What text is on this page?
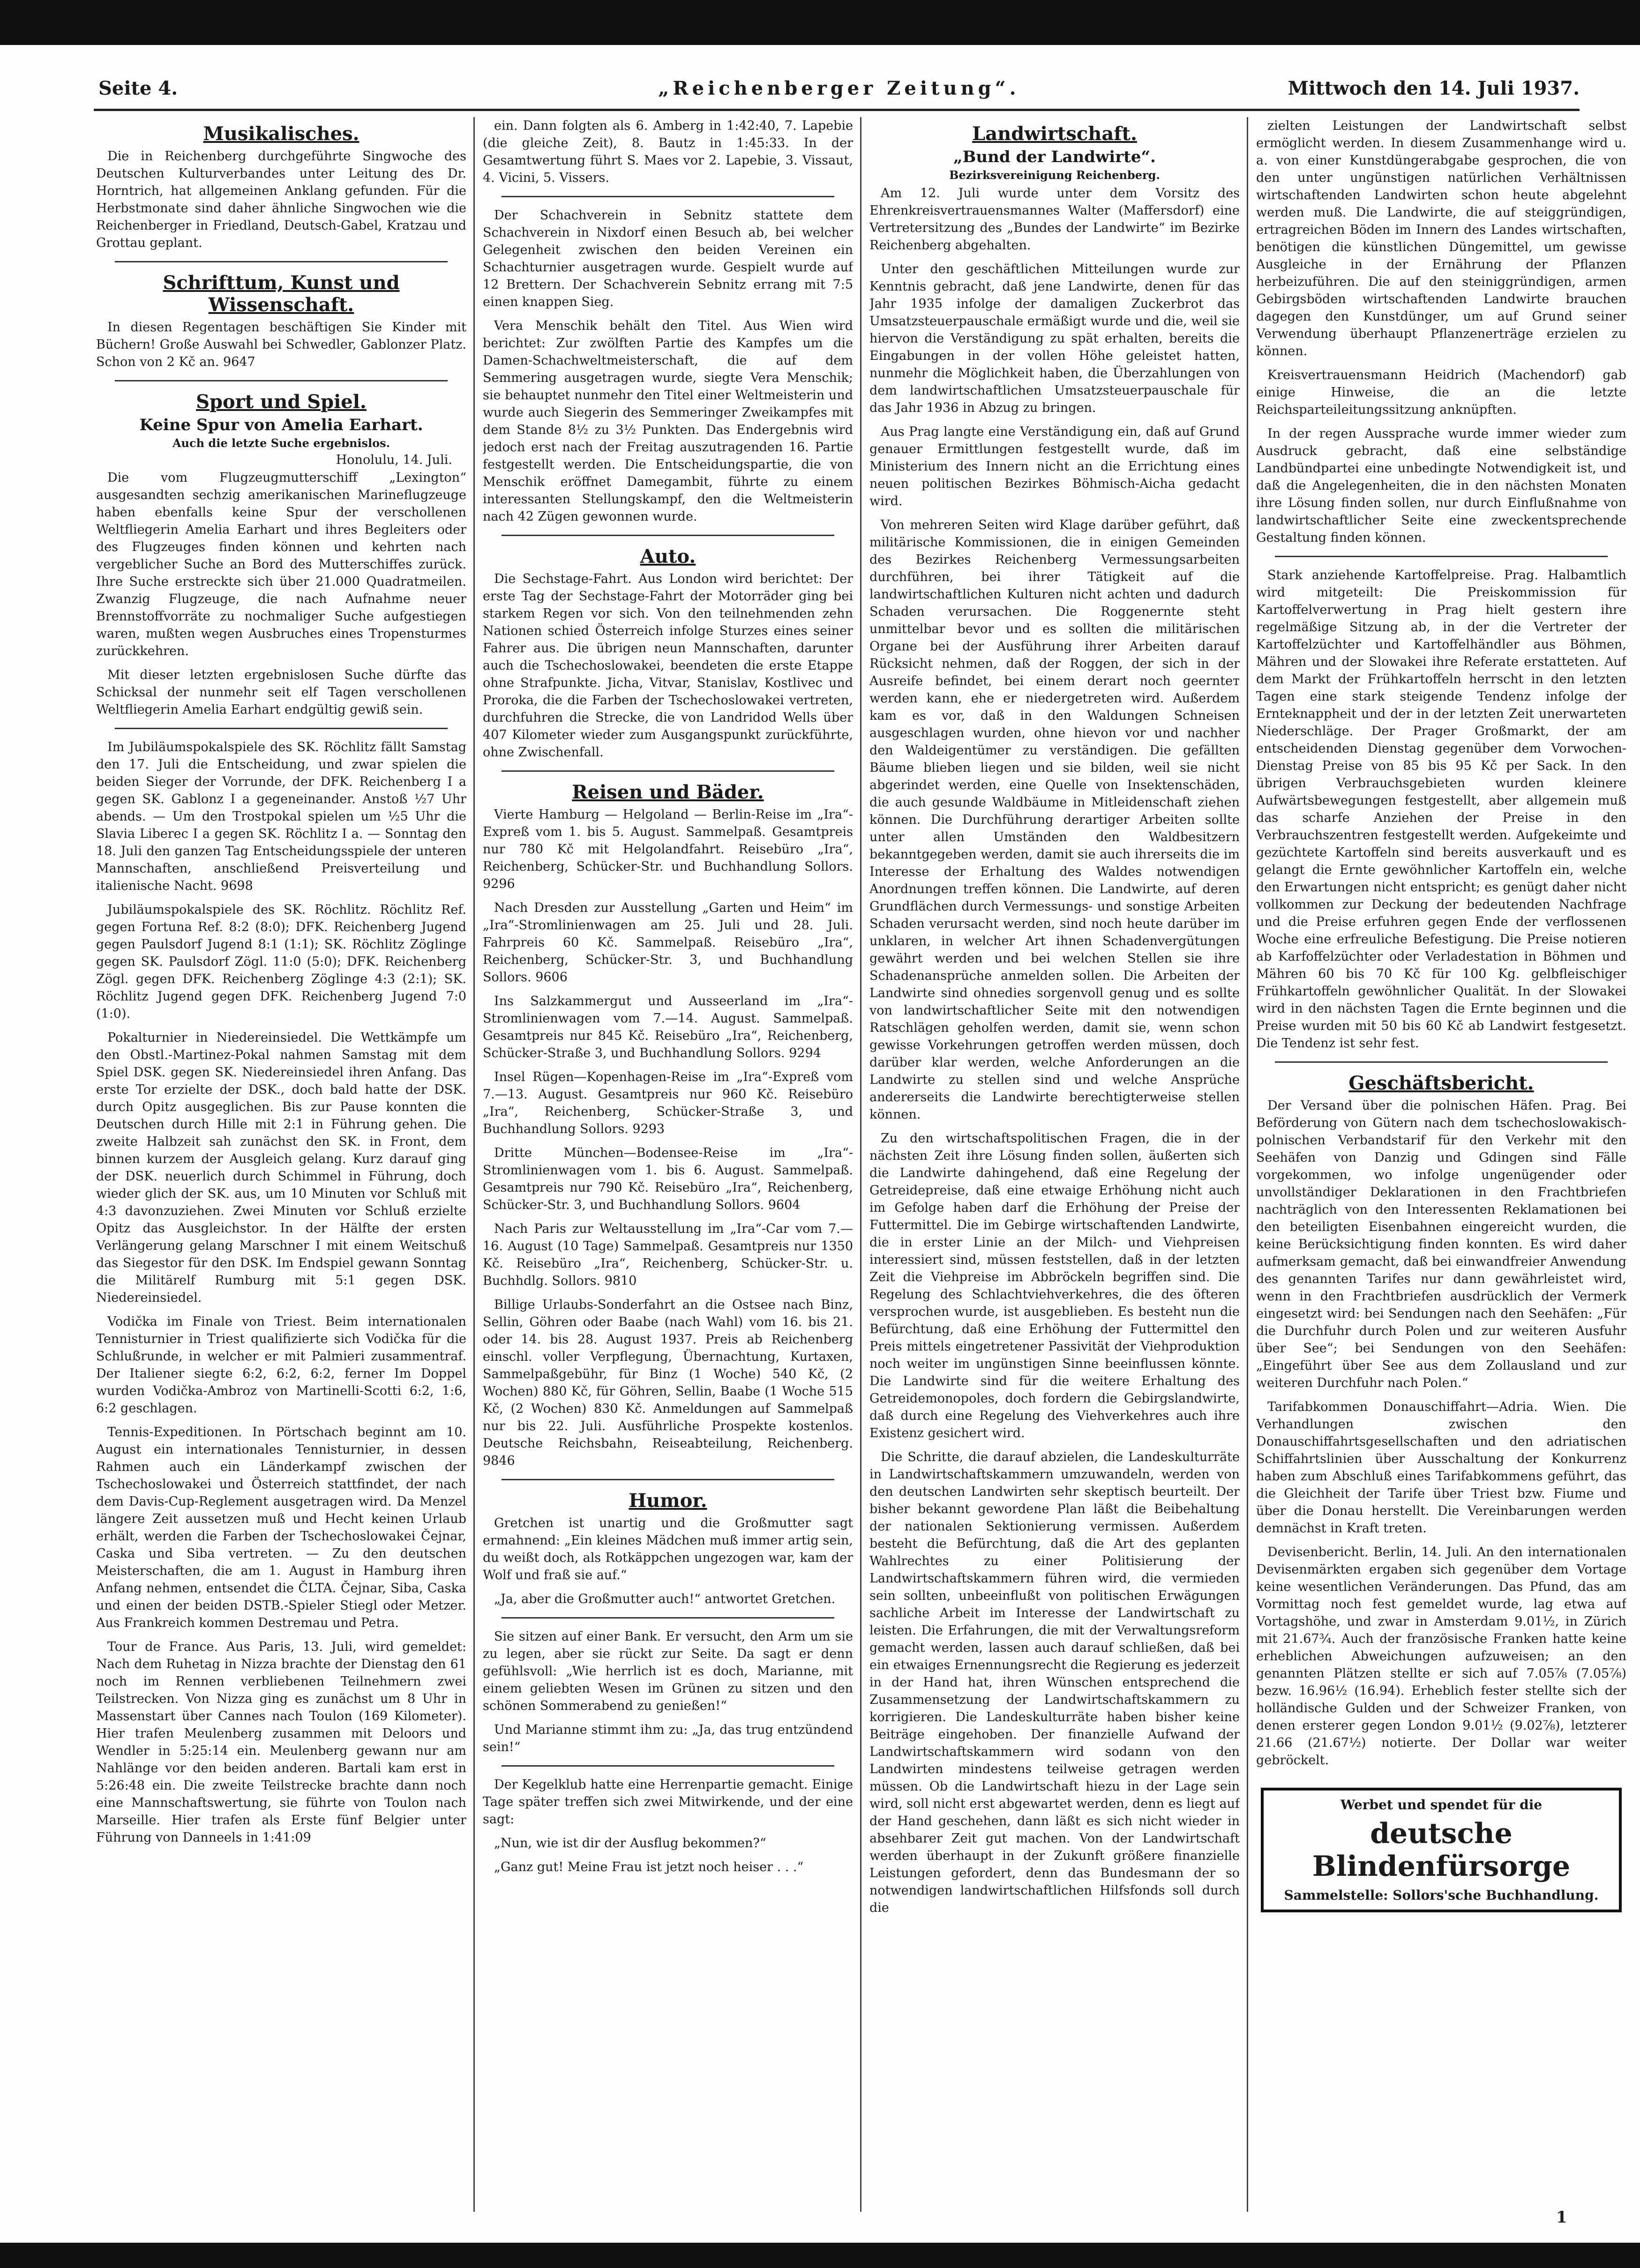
Seite 4.	„Reichenberger Zeitung“.	Mittwoch den 14. Juli 1937.
Musikalisches.

Die in Reichenberg durchgeführte Singwoche des Deutschen Kulturverbandes unter Leitung des Dr. Horntrich, hat allgemeinen Anklang gefunden. Für die Herbstmonate sind daher ähnliche Singwochen wie die Reichenberger in Friedland, Deutsch-Gabel, Kratzau und Grottau geplant.

Schrifttum, Kunst und Wissenschaft.

In diesen Regentagen beschäftigen Sie Kinder mit Büchern! Große Auswahl bei Schwedler, Gablonzer Platz. Schon von 2 Kč an. 9647

Sport und Spiel.
Keine Spur von Amelia Earhart.
Auch die letzte Suche ergebnislos.
Honolulu, 14. Juli.

Die vom Flugzeugmutterschiff „Lexington“ ausgesandten sechzig amerikanischen Marineflugzeuge haben ebenfalls keine Spur der verschollenen Weltfliegerin Amelia Earhart und ihres Begleiters oder des Flugzeuges finden können und kehrten nach vergeblicher Suche an Bord des Mutterschiffes zurück. Ihre Suche erstreckte sich über 21.000 Quadratmeilen. Zwanzig Flugzeuge, die nach Aufnahme neuer Brennstoffvorräte zu nochmaliger Suche aufgestiegen waren, mußten wegen Ausbruches eines Tropensturmes zurückkehren.

Mit dieser letzten ergebnislosen Suche dürfte das Schicksal der nunmehr seit elf Tagen verschollenen Weltfliegerin Amelia Earhart endgültig gewiß sein.

Im Jubiläumspokalspiele des SK. Röchlitz fällt Samstag den 17. Juli die Entscheidung, und zwar spielen die beiden Sieger der Vorrunde, der DFK. Reichenberg I a gegen SK. Gablonz I a gegeneinander. Anstoß ½7 Uhr abends. — Um den Trostpokal spielen um ½5 Uhr die Slavia Liberec I a gegen SK. Röchlitz I a. — Sonntag den 18. Juli den ganzen Tag Entscheidungsspiele der unteren Mannschaften, anschließend Preisverteilung und italienische Nacht. 9698

Jubiläumspokalspiele des SK. Röchlitz. Röchlitz Ref. gegen Fortuna Ref. 8:2 (8:0); DFK. Reichenberg Jugend gegen Paulsdorf Jugend 8:1 (1:1); SK. Röchlitz Zöglinge gegen SK. Paulsdorf Zögl. 11:0 (5:0); DFK. Reichenberg Zögl. gegen DFK. Reichenberg Zöglinge 4:3 (2:1); SK. Röchlitz Jugend gegen DFK. Reichenberg Jugend 7:0 (1:0).

Pokalturnier in Niedereinsiedel. Die Wettkämpfe um den Obstl.-Martinez-Pokal nahmen Samstag mit dem Spiel DSK. gegen SK. Niedereinsiedel ihren Anfang. Das erste Tor erzielte der DSK., doch bald hatte der DSK. durch Opitz ausgeglichen. Bis zur Pause konnten die Deutschen durch Hille mit 2:1 in Führung gehen. Die zweite Halbzeit sah zunächst den SK. in Front, dem binnen kurzem der Ausgleich gelang. Kurz darauf ging der DSK. neuerlich durch Schimmel in Führung, doch wieder glich der SK. aus, um 10 Minuten vor Schluß mit 4:3 davonzuziehen. Zwei Minuten vor Schluß erzielte Opitz das Ausgleichstor. In der Hälfte der ersten Verlängerung gelang Marschner I mit einem Weitschuß das Siegestor für den DSK. Im Endspiel gewann Sonntag die Militärelf Rumburg mit 5:1 gegen DSK. Niedereinsiedel.

Vodička im Finale von Triest. Beim internationalen Tennisturnier in Triest qualifizierte sich Vodička für die Schlußrunde, in welcher er mit Palmieri zusammentraf. Der Italiener siegte 6:2, 6:2, 6:2, ferner Im Doppel wurden Vodička-Ambroz von Martinelli-Scotti 6:2, 1:6, 6:2 geschlagen.

Tennis-Expeditionen. In Pörtschach beginnt am 10. August ein internationales Tennisturnier, in dessen Rahmen auch ein Länderkampf zwischen der Tschechoslowakei und Österreich stattfindet, der nach dem Davis-Cup-Reglement ausgetragen wird. Da Menzel längere Zeit aussetzen muß und Hecht keinen Urlaub erhält, werden die Farben der Tschechoslowakei Čejnar, Caska und Siba vertreten. — Zu den deutschen Meisterschaften, die am 1. August in Hamburg ihren Anfang nehmen, entsendet die ČLTA. Čejnar, Siba, Caska und einen der beiden DSTB.-Spieler Stiegl oder Metzer. Aus Frankreich kommen Destremau und Petra.

Tour de France. Aus Paris, 13. Juli, wird gemeldet: Nach dem Ruhetag in Nizza brachte der Dienstag den 61 noch im Rennen verbliebenen Teilnehmern zwei Teilstrecken. Von Nizza ging es zunächst um 8 Uhr in Massenstart über Cannes nach Toulon (169 Kilometer). Hier trafen Meulenberg zusammen mit Deloors und Wendler in 5:25:14 ein. Meulenberg gewann nur am Nahlänge vor den beiden anderen. Bartali kam erst in 5:26:48 ein. Die zweite Teilstrecke brachte dann noch eine Mannschaftswertung, sie führte von Toulon nach Marseille. Hier trafen als Erste fünf Belgier unter Führung von Danneels in 1:41:09

ein. Dann folgten als 6. Amberg in 1:42:40, 7. Lapebie (die gleiche Zeit), 8. Bautz in 1:45:33. In der Gesamtwertung führt S. Maes vor 2. Lapebie, 3. Vissaut, 4. Vicini, 5. Vissers.

Der Schachverein in Sebnitz stattete dem Schachverein in Nixdorf einen Besuch ab, bei welcher Gelegenheit zwischen den beiden Vereinen ein Schachturnier ausgetragen wurde. Gespielt wurde auf 12 Brettern. Der Schachverein Sebnitz errang mit 7:5 einen knappen Sieg.

Vera Menschik behält den Titel. Aus Wien wird berichtet: Zur zwölften Partie des Kampfes um die Damen-Schachweltmeisterschaft, die auf dem Semmering ausgetragen wurde, siegte Vera Menschik; sie behauptet nunmehr den Titel einer Weltmeisterin und wurde auch Siegerin des Semmeringer Zweikampfes mit dem Stande 8½ zu 3½ Punkten. Das Endergebnis wird jedoch erst nach der Freitag auszutragenden 16. Partie festgestellt werden. Die Entscheidungspartie, die von Menschik eröffnet Damegambit, führte zu einem interessanten Stellungskampf, den die Weltmeisterin nach 42 Zügen gewonnen wurde.

Auto.

Die Sechstage-Fahrt. Aus London wird berichtet: Der erste Tag der Sechstage-Fahrt der Motorräder ging bei starkem Regen vor sich. Von den teilnehmenden zehn Nationen schied Österreich infolge Sturzes eines seiner Fahrer aus. Die übrigen neun Mannschaften, darunter auch die Tschechoslowakei, beendeten die erste Etappe ohne Strafpunkte. Jicha, Vitvar, Stanislav, Kostlivec und Proroka, die die Farben der Tschechoslowakei vertreten, durchfuhren die Strecke, die von Landridod Wells über 407 Kilometer wieder zum Ausgangspunkt zurückführte, ohne Zwischenfall.

Reisen und Bäder.

Vierte Hamburg — Helgoland — Berlin-Reise im „Ira“-Expreß vom 1. bis 5. August. Sammelpaß. Gesamtpreis nur 780 Kč mit Helgolandfahrt. Reisebüro „Ira“, Reichenberg, Schücker-Str. und Buchhandlung Sollors. 9296

Nach Dresden zur Ausstellung „Garten und Heim“ im „Ira“-Stromlinienwagen am 25. Juli und 28. Juli. Fahrpreis 60 Kč. Sammelpaß. Reisebüro „Ira“, Reichenberg, Schücker-Str. 3, und Buchhandlung Sollors. 9606

Ins Salzkammergut und Ausseerland im „Ira“-Stromlinienwagen vom 7.—14. August. Sammelpaß. Gesamtpreis nur 845 Kč. Reisebüro „Ira“, Reichenberg, Schücker-Straße 3, und Buchhandlung Sollors. 9294

Insel Rügen—Kopenhagen-Reise im „Ira“-Expreß vom 7.—13. August. Gesamtpreis nur 960 Kč. Reisebüro „Ira“, Reichenberg, Schücker-Straße 3, und Buchhandlung Sollors. 9293

Dritte München—Bodensee-Reise im „Ira“-Stromlinienwagen vom 1. bis 6. August. Sammelpaß. Gesamtpreis nur 790 Kč. Reisebüro „Ira“, Reichenberg, Schücker-Str. 3, und Buchhandlung Sollors. 9604

Nach Paris zur Weltausstellung im „Ira“-Car vom 7.—16. August (10 Tage) Sammelpaß. Gesamtpreis nur 1350 Kč. Reisebüro „Ira“, Reichenberg, Schücker-Str. u. Buchhdlg. Sollors. 9810

Billige Urlaubs-Sonderfahrt an die Ostsee nach Binz, Sellin, Göhren oder Baabe (nach Wahl) vom 16. bis 21. oder 14. bis 28. August 1937. Preis ab Reichenberg einschl. voller Verpflegung, Übernachtung, Kurtaxen, Sammelpaßgebühr, für Binz (1 Woche) 540 Kč, (2 Wochen) 880 Kč, für Göhren, Sellin, Baabe (1 Woche 515 Kč, (2 Wochen) 830 Kč. Anmeldungen auf Sammelpaß nur bis 22. Juli. Ausführliche Prospekte kostenlos. Deutsche Reichsbahn, Reiseabteilung, Reichenberg. 9846

Humor.

Gretchen ist unartig und die Großmutter sagt ermahnend: „Ein kleines Mädchen muß immer artig sein, du weißt doch, als Rotkäppchen ungezogen war, kam der Wolf und fraß sie auf.“

„Ja, aber die Großmutter auch!“ antwortet Gretchen.

Sie sitzen auf einer Bank. Er versucht, den Arm um sie zu legen, aber sie rückt zur Seite. Da sagt er denn gefühlsvoll: „Wie herrlich ist es doch, Marianne, mit einem geliebten Wesen im Grünen zu sitzen und den schönen Sommerabend zu genießen!“

Und Marianne stimmt ihm zu: „Ja, das trug entzündend sein!“

Der Kegelklub hatte eine Herrenpartie gemacht. Einige Tage später treffen sich zwei Mitwirkende, und der eine sagt:

„Nun, wie ist dir der Ausflug bekommen?“

„Ganz gut! Meine Frau ist jetzt noch heiser . . .“

Landwirtschaft.
„Bund der Landwirte“.
Bezirksvereinigung Reichenberg.

Am 12. Juli wurde unter dem Vorsitz des Ehrenkreisvertrauensmannes Walter (Maffersdorf) eine Vertretersitzung des „Bundes der Landwirte“ im Bezirke Reichenberg abgehalten.

Unter den geschäftlichen Mitteilungen wurde zur Kenntnis gebracht, daß jene Landwirte, denen für das Jahr 1935 infolge der damaligen Zuckerbrot das Umsatzsteuerpauschale ermäßigt wurde und die, weil sie hiervon die Verständigung zu spät erhalten, bereits die Eingabungen in der vollen Höhe geleistet hatten, nunmehr die Möglichkeit haben, die Überzahlungen von dem landwirtschaftlichen Umsatzsteuerpauschale für das Jahr 1936 in Abzug zu bringen.

Aus Prag langte eine Verständigung ein, daß auf Grund genauer Ermittlungen festgestellt wurde, daß im Ministerium des Innern nicht an die Errichtung eines neuen politischen Bezirkes Böhmisch-Aicha gedacht wird.

Von mehreren Seiten wird Klage darüber geführt, daß militärische Kommissionen, die in einigen Gemeinden des Bezirkes Reichenberg Vermessungsarbeiten durchführen, bei ihrer Tätigkeit auf die landwirtschaftlichen Kulturen nicht achten und dadurch Schaden verursachen. Die Roggenernte steht unmittelbar bevor und es sollten die militärischen Organe bei der Ausführung ihrer Arbeiten darauf Rücksicht nehmen, daß der Roggen, der sich in der Ausreife befindet, bei einem derart noch geernteт werden kann, ehe er niedergetreten wird. Außerdem kam es vor, daß in den Waldungen Schneisen ausgeschlagen wurden, ohne hievon vor und nachher den Waldeigentümer zu verständigen. Die gefällten Bäume blieben liegen und sie bilden, weil sie nicht abgerindet werden, eine Quelle von Insektenschäden, die auch gesunde Waldbäume in Mitleidenschaft ziehen können. Die Durchführung derartiger Arbeiten sollte unter allen Umständen den Waldbesitzern bekanntgegeben werden, damit sie auch ihrerseits die im Interesse der Erhaltung des Waldes notwendigen Anordnungen treffen können. Die Landwirte, auf deren Grundflächen durch Vermessungs- und sonstige Arbeiten Schaden verursacht werden, sind noch heute darüber im unklaren, in welcher Art ihnen Schadenvergütungen gewährt werden und bei welchen Stellen sie ihre Schadenansprüche anmelden sollen. Die Arbeiten der Landwirte sind ohnedies sorgenvoll genug und es sollte von landwirtschaftlicher Seite mit den notwendigen Ratschlägen geholfen werden, damit sie, wenn schon gewisse Vorkehrungen getroffen werden müssen, doch darüber klar werden, welche Anforderungen an die Landwirte zu stellen sind und welche Ansprüche andererseits die Landwirte berechtigterweise stellen können.

Zu den wirtschaftspolitischen Fragen, die in der nächsten Zeit ihre Lösung finden sollen, äußerten sich die Landwirte dahingehend, daß eine Regelung der Getreidepreise, daß eine etwaige Erhöhung nicht auch im Gefolge haben darf die Erhöhung der Preise der Futtermittel. Die im Gebirge wirtschaftenden Landwirte, die in erster Linie an der Milch- und Viehpreisen interessiert sind, müssen feststellen, daß in der letzten Zeit die Viehpreise im Abbröckeln begriffen sind. Die Regelung des Schlachtviehverkehres, die des öfteren versprochen wurde, ist ausgeblieben. Es besteht nun die Befürchtung, daß eine Erhöhung der Futtermittel den Preis mittels eingetretener Passivität der Viehproduktion noch weiter im ungünstigen Sinne beeinflussen könnte. Die Landwirte sind für die weitere Erhaltung des Getreidemonopoles, doch fordern die Gebirgslandwirte, daß durch eine Regelung des Viehverkehres auch ihre Existenz gesichert wird.

Die Schritte, die darauf abzielen, die Landeskulturräte in Landwirtschaftskammern umzuwandeln, werden von den deutschen Landwirten sehr skeptisch beurteilt. Der bisher bekannt gewordene Plan läßt die Beibehaltung der nationalen Sektionierung vermissen. Außerdem besteht die Befürchtung, daß die Art des geplanten Wahlrechtes zu einer Politisierung der Landwirtschaftskammern führen wird, die vermieden sein sollten, unbeeinflußt von politischen Erwägungen sachliche Arbeit im Interesse der Landwirtschaft zu leisten. Die Erfahrungen, die mit der Verwaltungsreform gemacht werden, lassen auch darauf schließen, daß bei ein etwaiges Ernennungsrecht die Regierung es jederzeit in der Hand hat, ihren Wünschen entsprechend die Zusammensetzung der Landwirtschaftskammern zu korrigieren. Die Landeskulturräte haben bisher keine Beiträge eingehoben. Der finanzielle Aufwand der Landwirtschaftskammern wird sodann von den Landwirten mindestens teilweise getragen werden müssen. Ob die Landwirtschaft hiezu in der Lage sein wird, soll nicht erst abgewartet werden, denn es liegt auf der Hand geschehen, dann läßt es sich nicht wieder in absehbarer Zeit gut machen. Von der Landwirtschaft werden überhaupt in der Zukunft größere finanzielle Leistungen gefordert, denn das Bundesmann der so notwendigen landwirtschaftlichen Hilfsfonds soll durch die

zielten Leistungen der Landwirtschaft selbst ermöglicht werden. In diesem Zusammenhange wird u. a. von einer Kunstdüngerabgabe gesprochen, die von den unter ungünstigen natürlichen Verhältnissen wirtschaftenden Landwirten schon heute abgelehnt werden muß. Die Landwirte, die auf steiggründigen, ertragreichen Böden im Innern des Landes wirtschaften, benötigen die künstlichen Düngemittel, um gewisse Ausgleiche in der Ernährung der Pflanzen herbeizuführen. Die auf den steiniggründigen, armen Gebirgsböden wirtschaftenden Landwirte brauchen dagegen den Kunstdünger, um auf Grund seiner Verwendung überhaupt Pflanzenerträge erzielen zu können.

Kreisvertrauensmann Heidrich (Machendorf) gab einige Hinweise, die an die letzte Reichsparteileitungssitzung anknüpften.

In der regen Aussprache wurde immer wieder zum Ausdruck gebracht, daß eine selbständige Landbündpartei eine unbedingte Notwendigkeit ist, und daß die Angelegenheiten, die in den nächsten Monaten ihre Lösung finden sollen, nur durch Einflußnahme von landwirtschaftlicher Seite eine zweckentsprechende Gestaltung finden können.

Stark anziehende Kartoffelpreise. Prag. Halbamtlich wird mitgeteilt: Die Preiskommission für Kartoffelverwertung in Prag hielt gestern ihre regelmäßige Sitzung ab, in der die Vertreter der Kartoffelzüchter und Kartoffelhändler aus Böhmen, Mähren und der Slowakei ihre Referate erstatteten. Auf dem Markt der Frühkartoffeln herrscht in den letzten Tagen eine stark steigende Tendenz infolge der Ernteknappheit und der in der letzten Zeit unerwarteten Niederschläge. Der Prager Großmarkt, der am entscheidenden Dienstag gegenüber dem Vorwochen-Dienstag Preise von 85 bis 95 Kč per Sack. In den übrigen Verbrauchsgebieten wurden kleinere Aufwärtsbewegungen festgestellt, aber allgemein muß das scharfe Anziehen der Preise in den Verbrauchszentren festgestellt werden. Aufgekeimte und gezüchtete Kartoffeln sind bereits ausverkauft und es gelangt die Ernte gewöhnlicher Kartoffeln ein, welche den Erwartungen nicht entspricht; es genügt daher nicht vollkommen zur Deckung der bedeutenden Nachfrage und die Preise erfuhren gegen Ende der verflossenen Woche eine erfreuliche Befestigung. Die Preise notieren ab Karfoffelzüchter oder Verladestation in Böhmen und Mähren 60 bis 70 Kč für 100 Kg. gelbfleischiger Frühkartoffeln gewöhnlicher Qualität. In der Slowakei wird in den nächsten Tagen die Ernte beginnen und die Preise wurden mit 50 bis 60 Kč ab Landwirt festgesetzt. Die Tendenz ist sehr fest.

Geschäftsbericht.

Der Versand über die polnischen Häfen. Prag. Bei Beförderung von Gütern nach dem tschechoslowakisch-polnischen Verbandstarif für den Verkehr mit den Seehäfen von Danzig und Gdingen sind Fälle vorgekommen, wo infolge ungenügender oder unvollständiger Deklarationen in den Frachtbriefen nachträglich von den Interessenten Reklamationen bei den beteiligten Eisenbahnen eingereicht wurden, die keine Berücksichtigung finden konnten. Es wird daher aufmerksam gemacht, daß bei einwandfreier Anwendung des genannten Tarifes nur dann gewährleistet wird, wenn in den Frachtbriefen ausdrücklich der Vermerk eingesetzt wird: bei Sendungen nach den Seehäfen: „Für die Durchfuhr durch Polen und zur weiteren Ausfuhr über See“; bei Sendungen von den Seehäfen: „Eingeführt über See aus dem Zollausland und zur weiteren Durchfuhr nach Polen.“

Tarifabkommen Donauschiffahrt—Adria. Wien. Die Verhandlungen zwischen den Donauschiffahrtsgesellschaften und den adriatischen Schiffahrtslinien über Ausschaltung der Konkurrenz haben zum Abschluß eines Tarifabkommens geführt, das die Gleichheit der Tarife über Triest bzw. Fiume und über die Donau herstellt. Die Vereinbarungen werden demnächst in Kraft treten.

Devisenbericht. Berlin, 14. Juli. An den internationalen Devisenmärkten ergaben sich gegenüber dem Vortage keine wesentlichen Veränderungen. Das Pfund, das am Vormittag noch fest gemeldet wurde, lag etwa auf Vortagshöhe, und zwar in Amsterdam 9.01½, in Zürich mit 21.67¾. Auch der französische Franken hatte keine erheblichen Abweichungen aufzuweisen; an den genannten Plätzen stellte er sich auf 7.05⅞ (7.05⅞) bezw. 16.96½ (16.94). Erheblich fester stellte sich der holländische Gulden und der Schweizer Franken, von denen ersterer gegen London 9.01½ (9.02⅞), letzterer 21.66 (21.67½) notierte. Der Dollar war weiter gebröckelt.

Werbet und spendet für die
deutsche Blindenfürsorge
Sammelstelle: Sollors'sche Buchhandlung.
1
